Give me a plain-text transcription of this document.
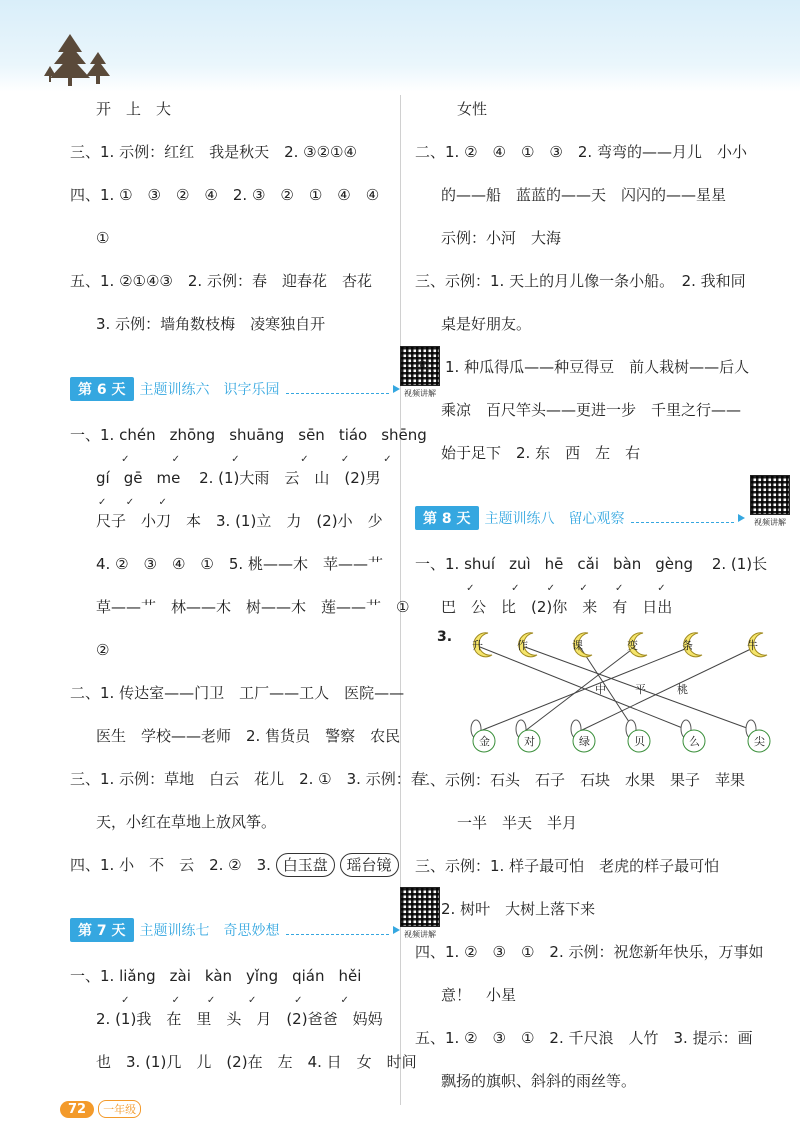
开　上　大
三、1. 示例：红红　我是秋天　2. ③②①④
四、1. ①　③　②　④　2. ③　②　①　④　④
①
五、1. ②①④③　2. 示例：春　迎春花　杏花
3. 示例：墙角数枝梅　凌寒独自开
第 6 天	主题训练六　识字乐园	视频讲解
一、1. chén
✓
zhōng
✓
shuāng
✓
sēn
✓
tiáo
✓
shēng
✓
gí
✓
gē
✓
me
✓
2. (1)大雨　云　山　(2)男
尺子　小刀　本　3. (1)立　力　(2)小　少
4. ②　③　④　①　5. 桃——木　苹——艹
草——艹　林——木　树——木　莲——艹　①
②
二、1. 传达室——门卫　工厂——工人　医院——
医生　学校——老师　2. 售货员　警察　农民
三、1. 示例：草地　白云　花儿　2. ①　3. 示例：春
天，小红在草地上放风筝。
四、1. 小　不　云　2. ②　3. 白玉盘 瑶台镜
第 7 天	主题训练七　奇思妙想	视频讲解
一、1. liǎng
✓
zài
✓
kàn
✓
yǐng
✓
qián
✓
hěi
✓
2. (1)我　在　里　头　月　(2)爸爸　妈妈
也　3. (1)几　儿　(2)在　左　4. 日　女　时间
女性
二、1. ②　④　①　③　2. 弯弯的——月儿　小小
的——船　蓝蓝的——天　闪闪的——星星
示例：小河　大海
三、示例：1. 天上的月儿像一条小船。　2. 我和同
桌是好朋友。
四、1. 种瓜得瓜——种豆得豆　前人栽树——后人
乘凉　百尺竿头——更进一步　千里之行——
始于足下　2. 东　西　左　右
第 8 天	主题训练八　留心观察	视频讲解
一、1. shuí
✓
zuì
✓
hē
✓
cǎi
✓
bàn
✓
gèng
✓
2. (1)长
巴　公　比　(2)你　来　有　日出
3.
升	作	课	变	条	牛
中	平	桃
金	对	绿	贝	么	尖
二、示例：石头　石子　石块　水果　果子　苹果
一半　半天　半月
三、示例：1. 样子最可怕　老虎的样子最可怕
2. 树叶　大树上落下来
四、1. ②　③　①　2. 示例：祝您新年快乐，万事如
意！　小星
五、1. ②　③　①　2. 千尺浪　人竹　3. 提示：画
飘扬的旗帜、斜斜的雨丝等。
72	一年级
